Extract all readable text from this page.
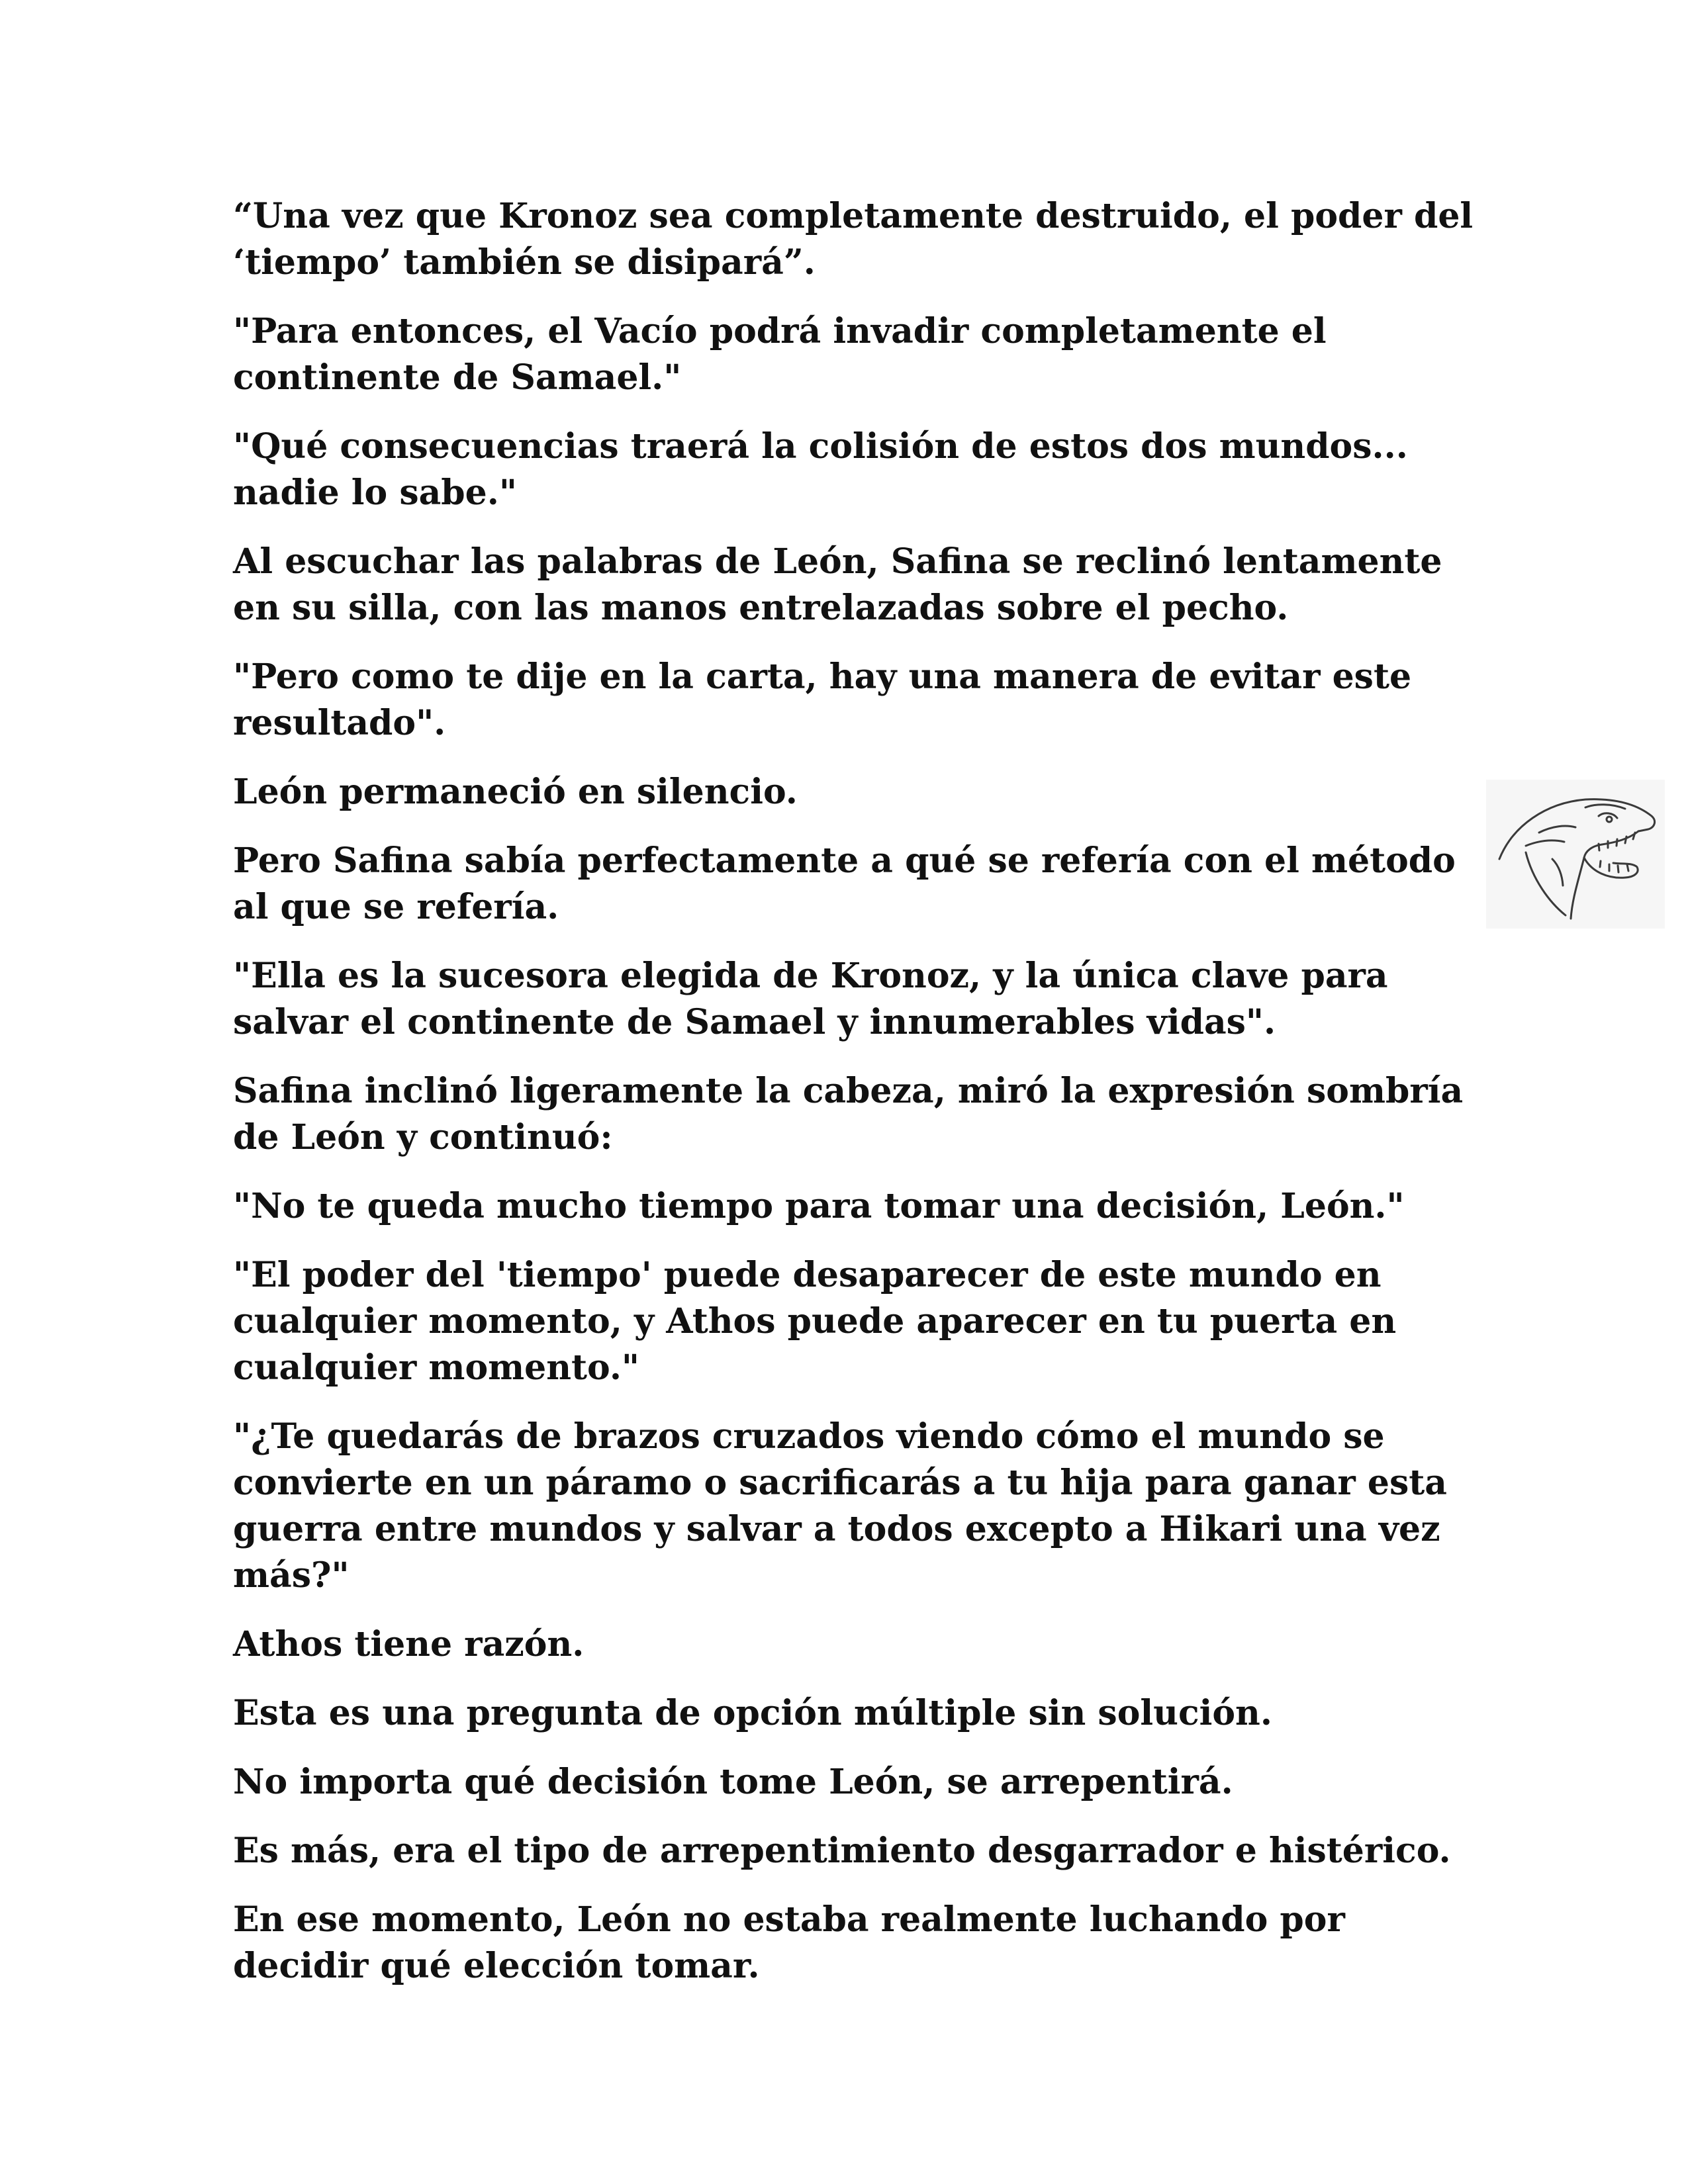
“Una vez que Kronoz sea completamente destruido, el poder del ‘tiempo’ también se disipará”.

"Para entonces, el Vacío podrá invadir completamente el continente de Samael."

"Qué consecuencias traerá la colisión de estos dos mundos... nadie lo sabe."

Al escuchar las palabras de León, Safina se reclinó lentamente en su silla, con las manos entrelazadas sobre el pecho.

"Pero como te dije en la carta, hay una manera de evitar este resultado".

León permaneció en silencio.

Pero Safina sabía perfectamente a qué se refería con el método al que se refería.

"Ella es la sucesora elegida de Kronoz, y la única clave para salvar el continente de Samael y innumerables vidas".

Safina inclinó ligeramente la cabeza, miró la expresión sombría de León y continuó:

"No te queda mucho tiempo para tomar una decisión, León."

"El poder del 'tiempo' puede desaparecer de este mundo en cualquier momento, y Athos puede aparecer en tu puerta en cualquier momento."

"¿Te quedarás de brazos cruzados viendo cómo el mundo se convierte en un páramo o sacrificarás a tu hija para ganar esta guerra entre mundos y salvar a todos excepto a Hikari una vez más?"

Athos tiene razón.

Esta es una pregunta de opción múltiple sin solución.

No importa qué decisión tome León, se arrepentirá.

Es más, era el tipo de arrepentimiento desgarrador e histérico.

En ese momento, León no estaba realmente luchando por decidir qué elección tomar.
